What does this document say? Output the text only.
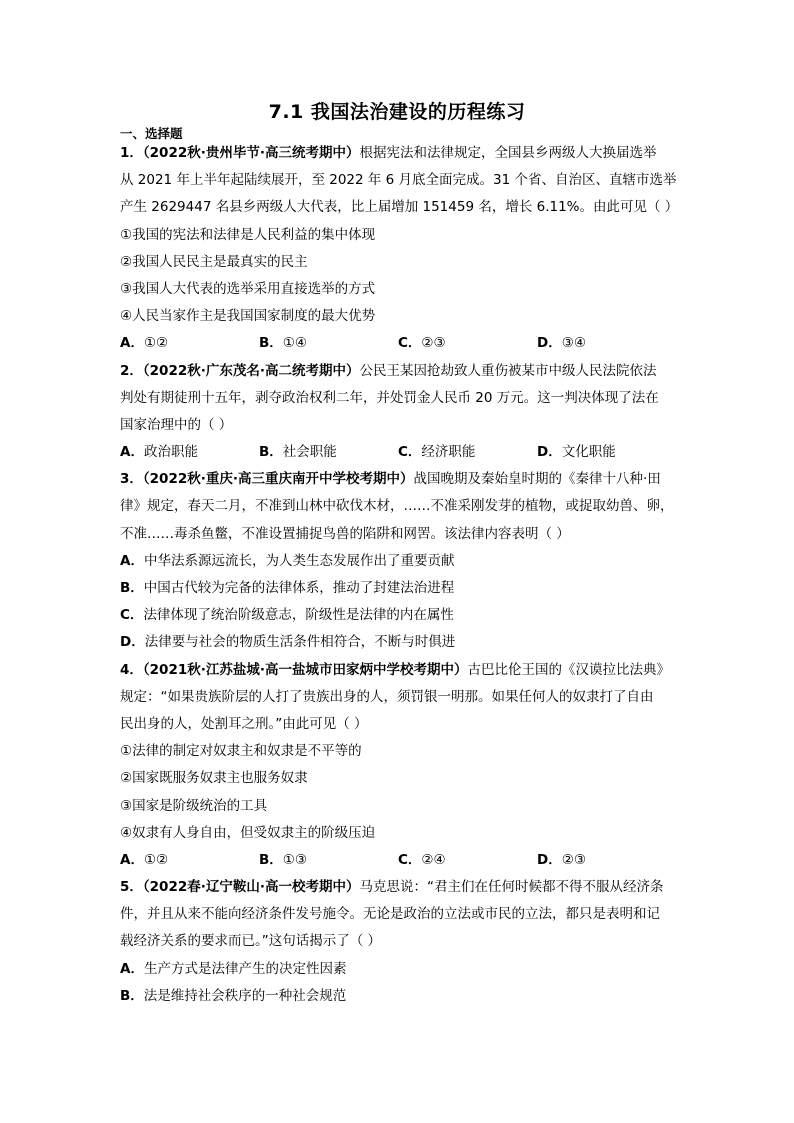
7.1 我国法治建设的历程练习
一、选择题
1．（2022秋·贵州毕节·高三统考期中）根据宪法和法律规定，全国县乡两级人大换届选举
从 2021 年上半年起陆续展开，至 2022 年 6 月底全面完成。31 个省、自治区、直辖市选举
产生 2629447 名县乡两级人大代表，比上届增加 151459 名，增长 6.11%。由此可见（ ）
①我国的宪法和法律是人民利益的集中体现
②我国人民民主是最真实的民主
③我国人大代表的选举采用直接选举的方式
④人民当家作主是我国国家制度的最大优势
A．①②	B．①④	C．②③	D．③④
2．（2022秋·广东茂名·高二统考期中）公民王某因抢劫致人重伤被某市中级人民法院依法
判处有期徒刑十五年，剥夺政治权利二年，并处罚金人民币 20 万元。这一判决体现了法在
国家治理中的（ ）
A．政治职能	B．社会职能	C．经济职能	D．文化职能
3．（2022秋·重庆·高三重庆南开中学校考期中）战国晚期及秦始皇时期的《秦律十八种·田
律》规定，春天二月，不准到山林中砍伐木材，……不准采刚发芽的植物，或捉取幼兽、卵，
不准……毒杀鱼鳖，不准设置捕捉鸟兽的陷阱和网罟。该法律内容表明（ ）
A．中华法系源远流长，为人类生态发展作出了重要贡献
B．中国古代较为完备的法律体系，推动了封建法治进程
C．法律体现了统治阶级意志，阶级性是法律的内在属性
D．法律要与社会的物质生活条件相符合，不断与时俱进
4．（2021秋·江苏盐城·高一盐城市田家炳中学校考期中）古巴比伦王国的《汉谟拉比法典》
规定：“如果贵族阶层的人打了贵族出身的人，须罚银一明那。如果任何人的奴隶打了自由
民出身的人，处割耳之刑。”由此可见（ ）
①法律的制定对奴隶主和奴隶是不平等的
②国家既服务奴隶主也服务奴隶
③国家是阶级统治的工具
④奴隶有人身自由，但受奴隶主的阶级压迫
A．①②	B．①③	C．②④	D．②③
5．（2022春·辽宁鞍山·高一校考期中）马克思说：“君主们在任何时候都不得不服从经济条
件，并且从来不能向经济条件发号施令。无论是政治的立法或市民的立法，都只是表明和记
载经济关系的要求而已。”这句话揭示了（ ）
A．生产方式是法律产生的决定性因素
B．法是维持社会秩序的一种社会规范
